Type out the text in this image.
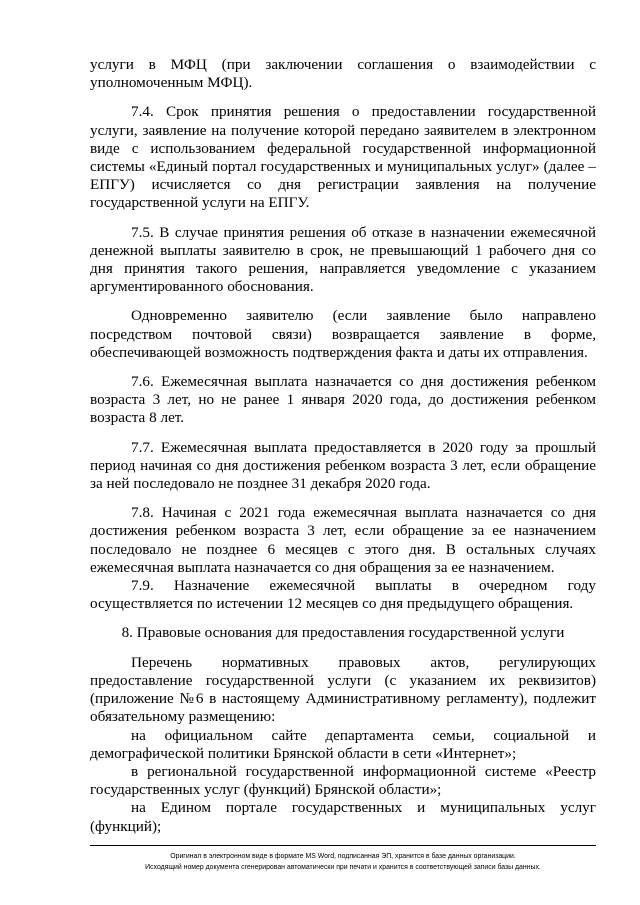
услуги в МФЦ (при заключении соглашения о взаимодействии с уполномоченным МФЦ).

7.4. Срок принятия решения о предоставлении государственной услуги, заявление на получение которой передано заявителем в электронном виде с использованием федеральной государственной информационной системы «Единый портал государственных и муниципальных услуг» (далее – ЕПГУ) исчисляется со дня регистрации заявления на получение государственной услуги на ЕПГУ.

7.5. В случае принятия решения об отказе в назначении ежемесячной денежной выплаты заявителю в срок, не превышающий 1 рабочего дня со дня принятия такого решения, направляется уведомление с указанием аргументированного обоснования.

Одновременно заявителю (если заявление было направлено посредством почтовой связи) возвращается заявление в форме, обеспечивающей возможность подтверждения факта и даты их отправления.

7.6. Ежемесячная выплата назначается со дня достижения ребенком возраста 3 лет, но не ранее 1 января 2020 года, до достижения ребенком возраста 8 лет.

7.7. Ежемесячная выплата предоставляется в 2020 году за прошлый период начиная со дня достижения ребенком возраста 3 лет, если обращение за ней последовало не позднее 31 декабря 2020 года.

7.8. Начиная с 2021 года ежемесячная выплата назначается со дня достижения ребенком возраста 3 лет, если обращение за ее назначением последовало не позднее 6 месяцев с этого дня. В остальных случаях ежемесячная выплата назначается со дня обращения за ее назначением.

7.9. Назначение ежемесячной выплаты в очередном году осуществляется по истечении 12 месяцев со дня предыдущего обращения.

8. Правовые основания для предоставления государственной услуги

Перечень нормативных правовых актов, регулирующих предоставление государственной услуги (с указанием их реквизитов) (приложение №6 в настоящему Административному регламенту), подлежит обязательному размещению:

на официальном сайте департамента семьи, социальной и демографической политики Брянской области в сети «Интернет»;

в региональной государственной информационной системе «Реестр государственных услуг (функций) Брянской области»;

на Едином портале государственных и муниципальных услуг (функций);

Оригинал в электронном виде в формате MS Word, подписанная ЭП, хранится в базе данных организации.
Исходящий номер документа сгенерирован автоматически при печати и хранится в соответствующей записи базы данных.
